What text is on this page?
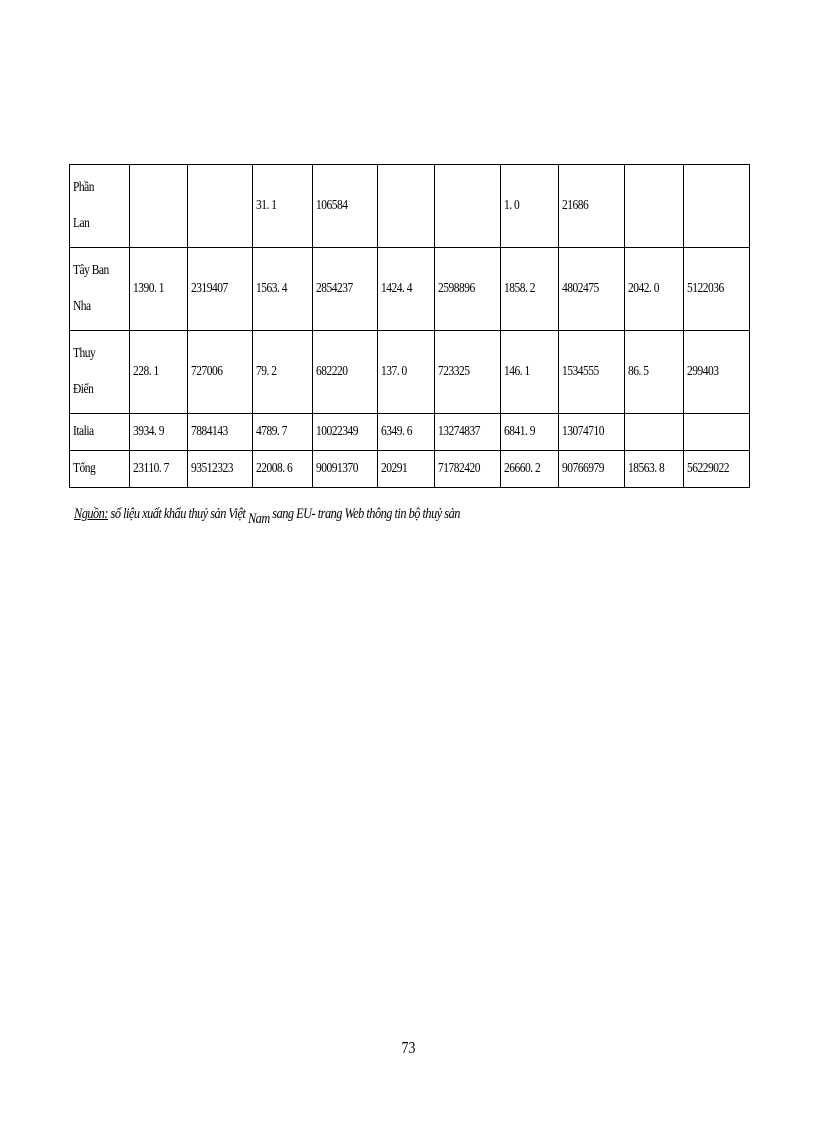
Phần
Lan			31. 1	106584			1. 0	21686		

Tây Ban
Nha	1390. 1	2319407	1563. 4	2854237	1424. 4	2598896	1858. 2	4802475	2042. 0	5122036

Thuy
Điển	228. 1	727006	79. 2	682220	137. 0	723325	146. 1	1534555	86. 5	299403

Italia	3934. 9	7884143	4789. 7	10022349	6349. 6	13274837	6841. 9	13074710		

Tổng	23110. 7	93512323	22008. 6	90091370	20291	71782420	26660. 2	90766979	18563. 8	56229022
Nguồn: số liệu xuất khẩu thuỷ sản Việt Nam sang EU- trang Web thông tin bộ thuỷ sản
73
